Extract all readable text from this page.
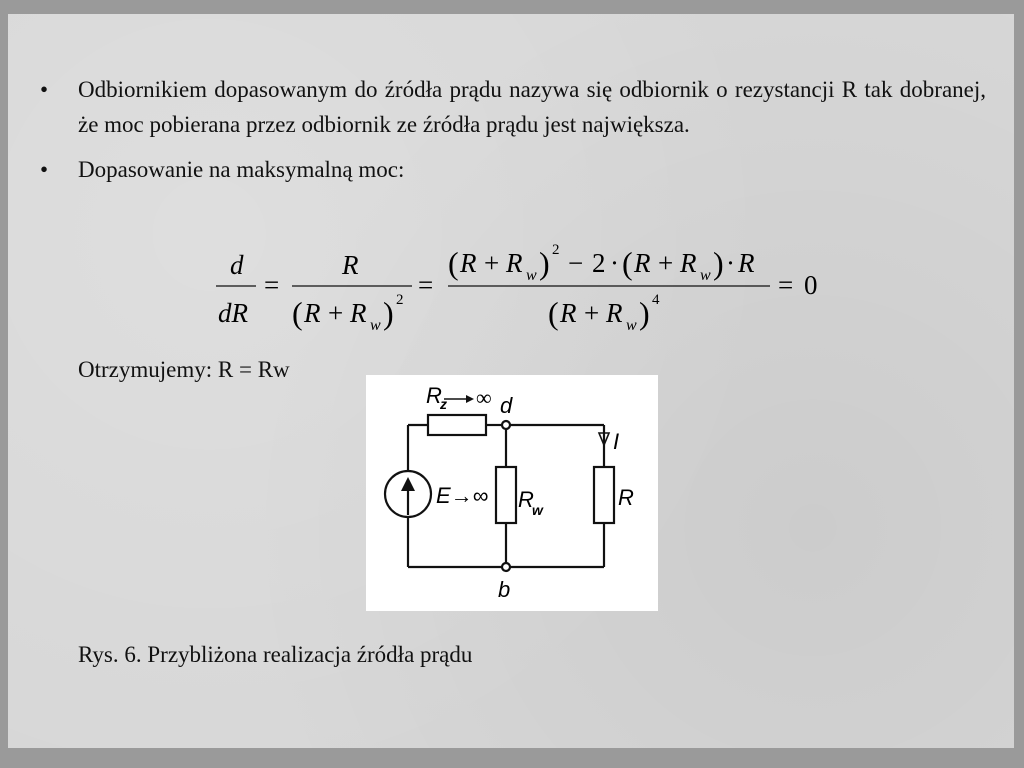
• Odbiornikiem dopasowanym do źródła prądu nazywa się odbiornik o rezystancji R tak dobranej, że moc pobierana przez odbiornik ze źródła prądu jest największa.
• Dopasowanie na maksymalną moc:
d
dR
=
R
( R + R w ) 2 =
( R + R w ) 2 − 2 · ( R + R w ) · R
( R + R w ) 4	= 0
Otrzymujemy: R = Rw
R
z ∞ d
I
E→∞ R
w	R
b
Rys. 6. Przybliżona realizacja źródła prądu
